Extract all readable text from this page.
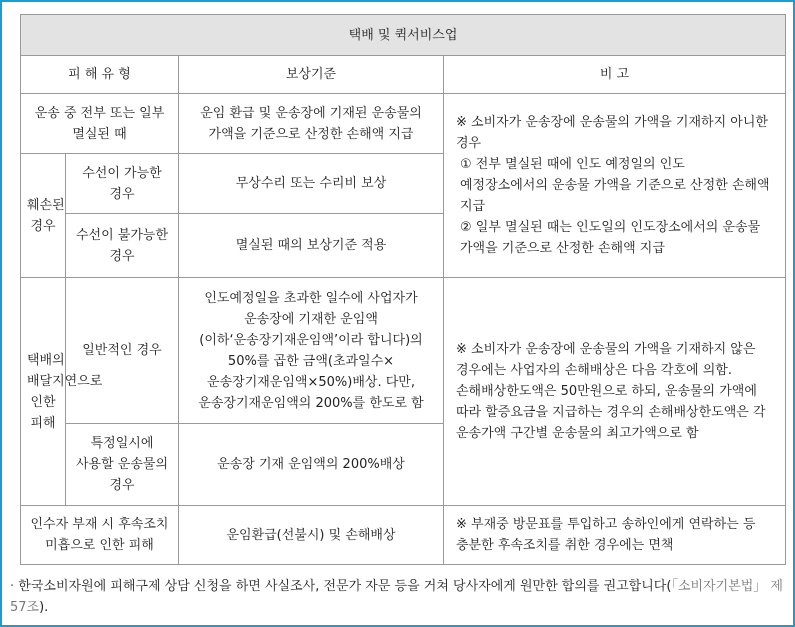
택배 및 퀵서비스업			
피 해 유 형		보상기준	비 고
운송 중 전부 또는 일부 멸실된 때		운임 환급 및 운송장에 기재된 운송물의 가액을 기준으로 산정한 손해액 지급	※ 소비자가 운송장에 운송물의 가액을 기재하지 아니한 경우
① 전부 멸실된 때에 인도 예정일의 인도 예정장소에서의 운송물 가액을 기준으로 산정한 손해액 지급
② 일부 멸실된 때는 인도일의 인도장소에서의 운송물 가액을 기준으로 산정한 손해액 지급

훼손된 경우	수선이 가능한 경우	무상수리 또는 수리비 보상	
	수선이 불가능한 경우	멸실된 때의 보상기준 적용	
택배의 배달지연으로 인한 피해	일반적인 경우	인도예정일을 초과한 일수에 사업자가 운송장에 기재한 운임액(이하‘운송장기재운임액’이라 합니다)의 50%를 곱한 금액(초과일수×운송장기재운임액×50%)배상. 다만, 운송장기재운임액의 200%를 한도로 함	※ 소비자가 운송장에 운송물의 가액을 기재하지 않은 경우에는 사업자의 손해배상은 다음 각호에 의함. 손해배상한도액은 50만원으로 하되, 운송물의 가액에 따라 할증요금을 지급하는 경우의 손해배상한도액은 각 운송가액 구간별 운송물의 최고가액으로 함
	특정일시에 사용할 운송물의 경우	운송장 기재 운임액의 200%배상	
인수자 부재 시 후속조치 미흡으로 인한 피해		운임환급(선불시) 및 손해배상	※ 부재중 방문표를 투입하고 송하인에게 연락하는 등 충분한 후속조치를 취한 경우에는 면책
· 한국소비자원에 피해구제 상담 신청을 하면 사실조사, 전문가 자문 등을 거쳐 당사자에게 원만한 합의를 권고합니다(「소비자기본법」 제57조).
